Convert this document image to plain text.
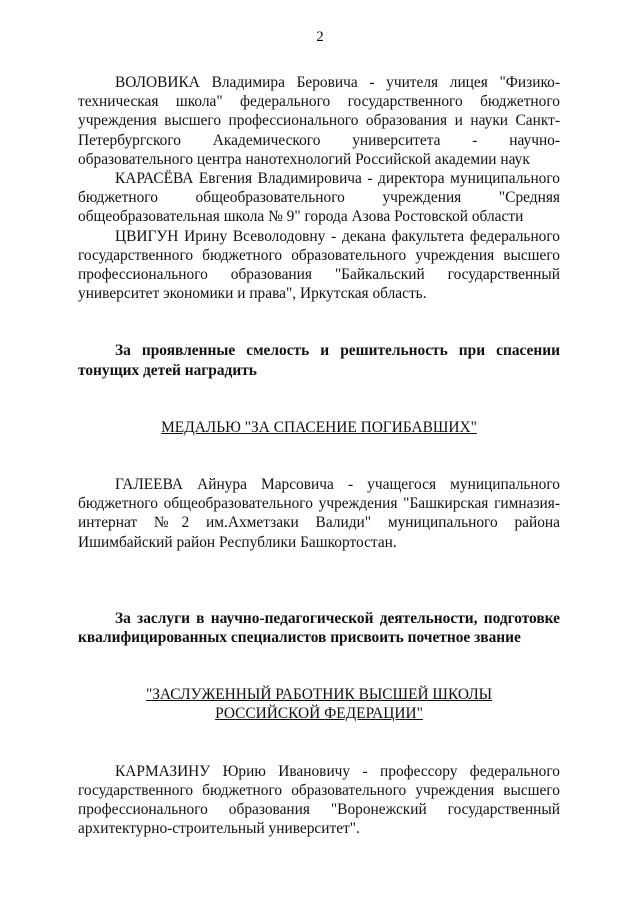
2

ВОЛОВИКА Владимира Беровича - учителя лицея "Физико-техническая школа" федерального государственного бюджетного учреждения высшего профессионального образования и науки Санкт-Петербургского Академического университета - научно-образовательного центра нанотехнологий Российской академии наук

КАРАСЁВА Евгения Владимировича - директора муниципального бюджетного общеобразовательного учреждения "Средняя общеобразовательная школа № 9" города Азова Ростовской области

ЦВИГУН Ирину Всеволодовну - декана факультета федерального государственного бюджетного образовательного учреждения высшего профессионального образования "Байкальский государственный университет экономики и права", Иркутская область.

За проявленные смелость и решительность при спасении тонущих детей наградить

МЕДАЛЬЮ "ЗА СПАСЕНИЕ ПОГИБАВШИХ"

ГАЛЕЕВА Айнура Марсовича - учащегося муниципального бюджетного общеобразовательного учреждения "Башкирская гимназия-интернат №2 им.Ахметзаки Валиди" муниципального района Ишимбайский район Республики Башкортостан.

За заслуги в научно-педагогической деятельности, подготовке квалифицированных специалистов присвоить почетное звание

"ЗАСЛУЖЕННЫЙ РАБОТНИК ВЫСШЕЙ ШКОЛЫ

РОССИЙСКОЙ ФЕДЕРАЦИИ"

КАРМАЗИНУ Юрию Ивановичу - профессору федерального государственного бюджетного образовательного учреждения высшего профессионального образования "Воронежский государственный архитектурно-строительный университет".
